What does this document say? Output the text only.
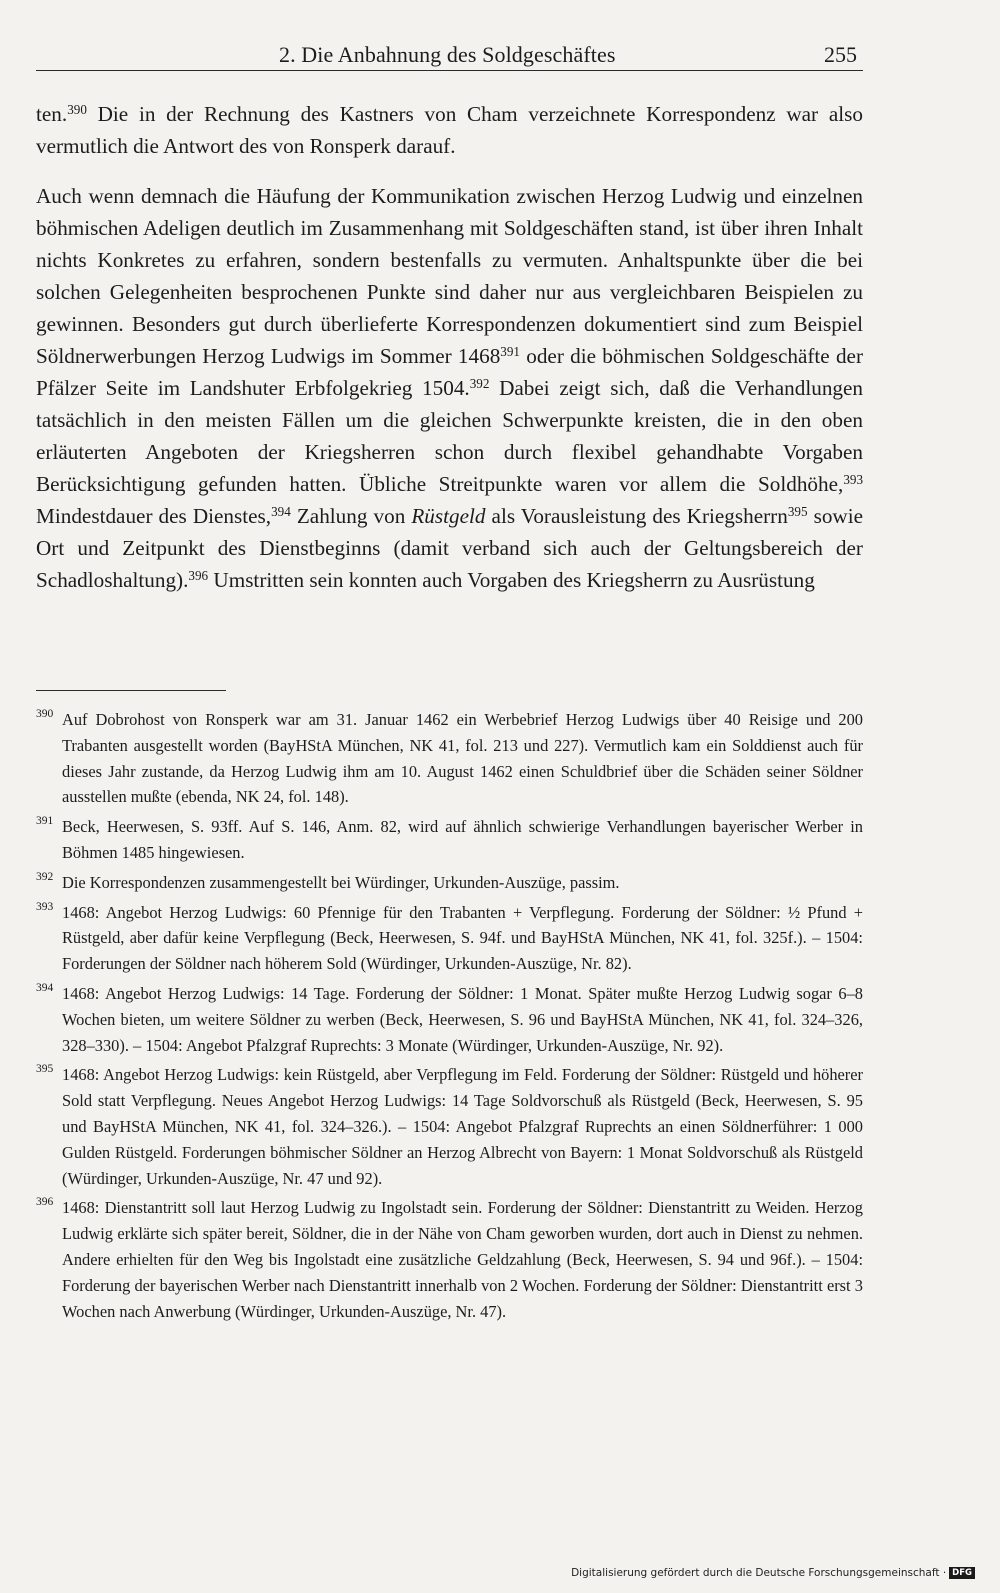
2. Die Anbahnung des Soldgeschäftes	255

ten.$^{390}$ Die in der Rechnung des Kastners von Cham verzeichnete Korrespondenz war also vermutlich die Antwort des von Ronsperk darauf.

Auch wenn demnach die Häufung der Kommunikation zwischen Herzog Ludwig und einzelnen böhmischen Adeligen deutlich im Zusammenhang mit Soldgeschäften stand, ist über ihren Inhalt nichts Konkretes zu erfahren, sondern bestenfalls zu vermuten. Anhaltspunkte über die bei solchen Gelegenheiten besprochenen Punkte sind daher nur aus vergleichbaren Beispielen zu gewinnen. Besonders gut durch überlieferte Korrespondenzen dokumentiert sind zum Beispiel Söldnerwerbungen Herzog Ludwigs im Sommer 1468$^{391}$ oder die böhmischen Soldgeschäfte der Pfälzer Seite im Landshuter Erbfolgekrieg 1504.$^{392}$ Dabei zeigt sich, daß die Verhandlungen tatsächlich in den meisten Fällen um die gleichen Schwerpunkte kreisten, die in den oben erläuterten Angeboten der Kriegsherren schon durch flexibel gehandhabte Vorgaben Berücksichtigung gefunden hatten. Übliche Streitpunkte waren vor allem die Soldhöhe,$^{393}$ Mindestdauer des Dienstes,$^{394}$ Zahlung von Rüstgeld als Vorausleistung des Kriegsherrn$^{395}$ sowie Ort und Zeitpunkt des Dienstbeginns (damit verband sich auch der Geltungsbereich der Schadloshaltung).$^{396}$ Umstritten sein konnten auch Vorgaben des Kriegsherrn zu Ausrüstung

390 Auf Dobrohost von Ronsperk war am 31. Januar 1462 ein Werbebrief Herzog Ludwigs über 40 Reisige und 200 Trabanten ausgestellt worden (BayHStA München, NK 41, fol. 213 und 227). Vermutlich kam ein Solddienst auch für dieses Jahr zustande, da Herzog Ludwig ihm am 10. August 1462 einen Schuldbrief über die Schäden seiner Söldner ausstellen mußte (ebenda, NK 24, fol. 148).
391 Beck, Heerwesen, S. 93ff. Auf S. 146, Anm. 82, wird auf ähnlich schwierige Verhandlungen bayerischer Werber in Böhmen 1485 hingewiesen.
392 Die Korrespondenzen zusammengestellt bei Würdinger, Urkunden-Auszüge, passim.
393 1468: Angebot Herzog Ludwigs: 60 Pfennige für den Trabanten + Verpflegung. Forderung der Söldner: ½ Pfund + Rüstgeld, aber dafür keine Verpflegung (Beck, Heerwesen, S. 94f. und BayHStA München, NK 41, fol. 325f.). – 1504: Forderungen der Söldner nach höherem Sold (Würdinger, Urkunden-Auszüge, Nr. 82).
394 1468: Angebot Herzog Ludwigs: 14 Tage. Forderung der Söldner: 1 Monat. Später mußte Herzog Ludwig sogar 6–8 Wochen bieten, um weitere Söldner zu werben (Beck, Heerwesen, S. 96 und BayHStA München, NK 41, fol. 324–326, 328–330). – 1504: Angebot Pfalzgraf Ruprechts: 3 Monate (Würdinger, Urkunden-Auszüge, Nr. 92).
395 1468: Angebot Herzog Ludwigs: kein Rüstgeld, aber Verpflegung im Feld. Forderung der Söldner: Rüstgeld und höherer Sold statt Verpflegung. Neues Angebot Herzog Ludwigs: 14 Tage Soldvorschuß als Rüstgeld (Beck, Heerwesen, S. 95 und BayHStA München, NK 41, fol. 324–326.). – 1504: Angebot Pfalzgraf Ruprechts an einen Söldnerführer: 1 000 Gulden Rüstgeld. Forderungen böhmischer Söldner an Herzog Albrecht von Bayern: 1 Monat Soldvorschuß als Rüstgeld (Würdinger, Urkunden-Auszüge, Nr. 47 und 92).
396 1468: Dienstantritt soll laut Herzog Ludwig zu Ingolstadt sein. Forderung der Söldner: Dienstantritt zu Weiden. Herzog Ludwig erklärte sich später bereit, Söldner, die in der Nähe von Cham geworben wurden, dort auch in Dienst zu nehmen. Andere erhielten für den Weg bis Ingolstadt eine zusätzliche Geldzahlung (Beck, Heerwesen, S. 94 und 96f.). – 1504: Forderung der bayerischen Werber nach Dienstantritt innerhalb von 2 Wochen. Forderung der Söldner: Dienstantritt erst 3 Wochen nach Anwerbung (Würdinger, Urkunden-Auszüge, Nr. 47).
Digitalisierung gefördert durch die Deutsche Forschungsgemeinschaft · DFG
